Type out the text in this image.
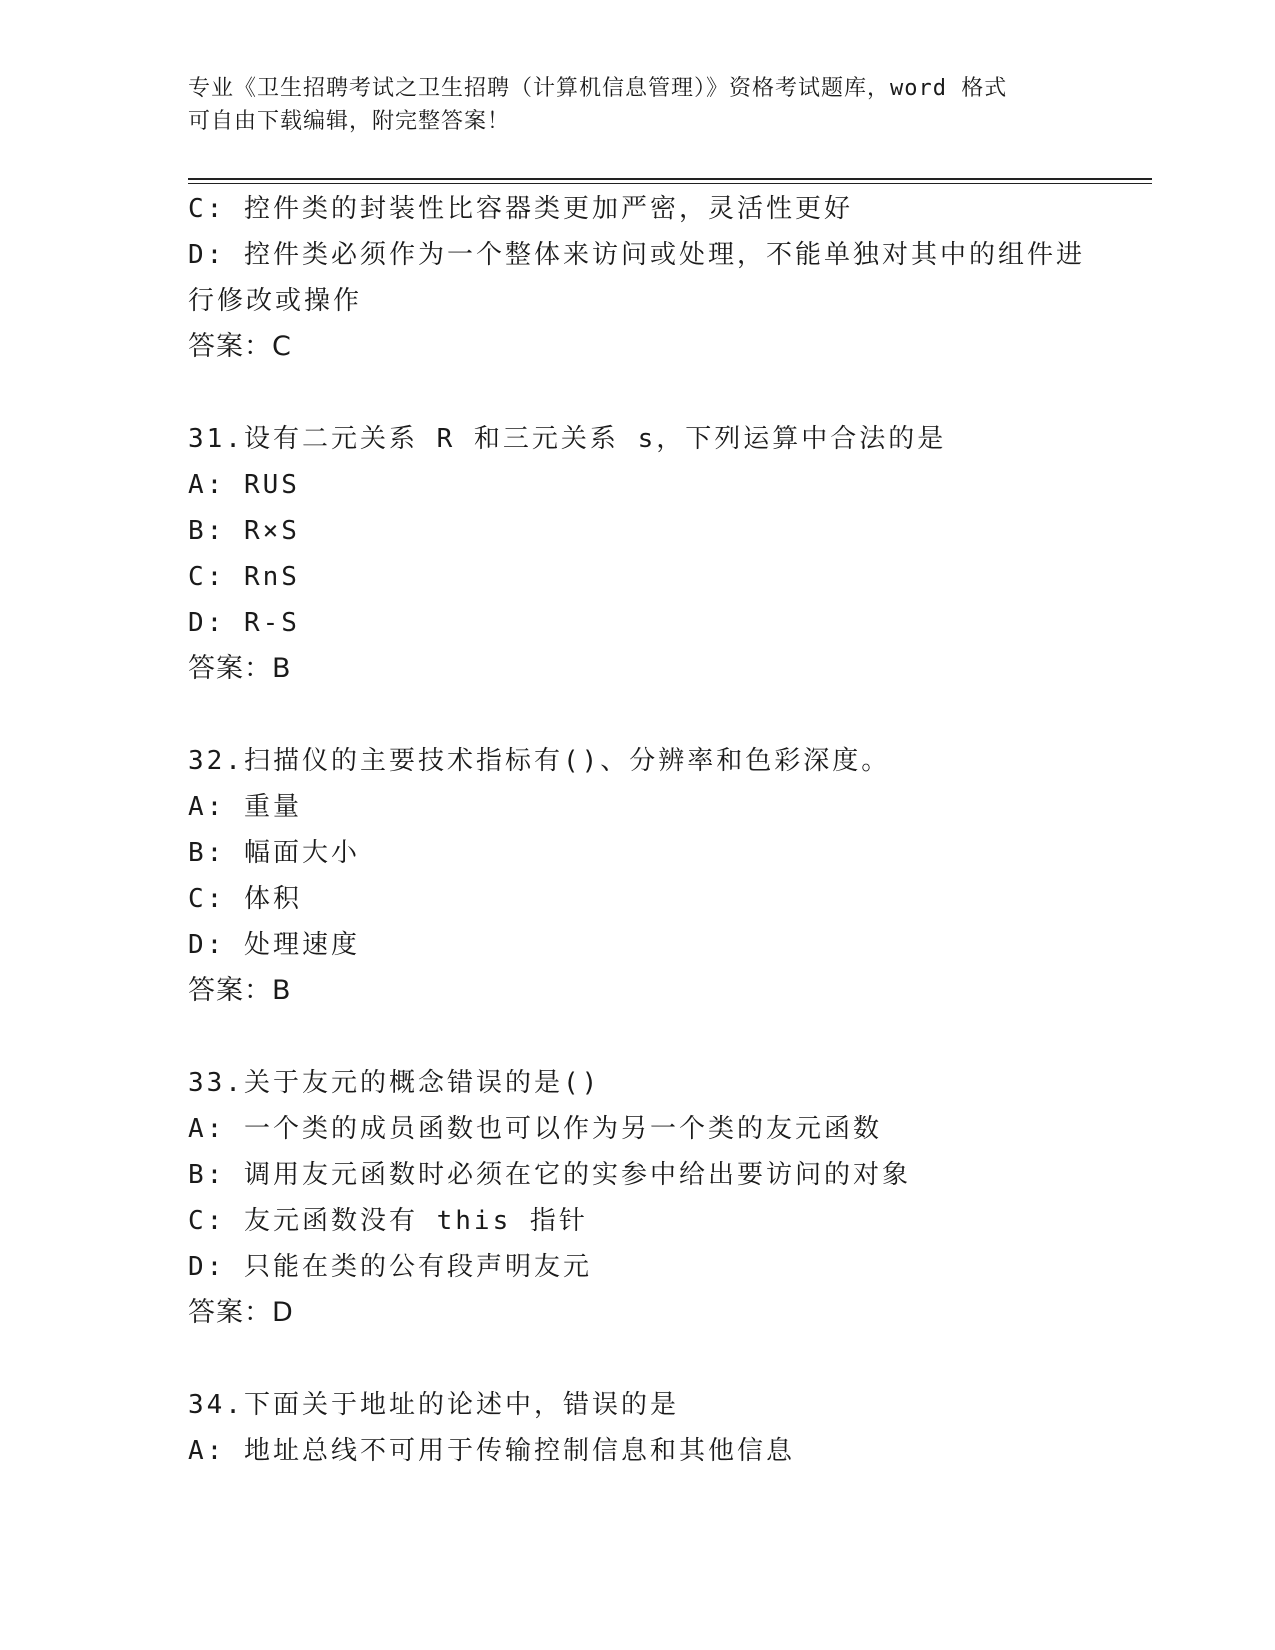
专业《卫生招聘考试之卫生招聘（计算机信息管理）》资格考试题库，word 格式
可自由下载编辑，附完整答案！
C: 控件类的封装性比容器类更加严密，灵活性更好
D: 控件类必须作为一个整体来访问或处理，不能单独对其中的组件进
行修改或操作
答案：C
31.设有二元关系 R 和三元关系 s，下列运算中合法的是
A: RUS
B: R×S
C: RnS
D: R-S
答案：B
32.扫描仪的主要技术指标有()、分辨率和色彩深度。
A: 重量
B: 幅面大小
C: 体积
D: 处理速度
答案：B
33.关于友元的概念错误的是()
A: 一个类的成员函数也可以作为另一个类的友元函数
B: 调用友元函数时必须在它的实参中给出要访问的对象
C: 友元函数没有 this 指针
D: 只能在类的公有段声明友元
答案：D
34.下面关于地址的论述中，错误的是
A: 地址总线不可用于传输控制信息和其他信息
